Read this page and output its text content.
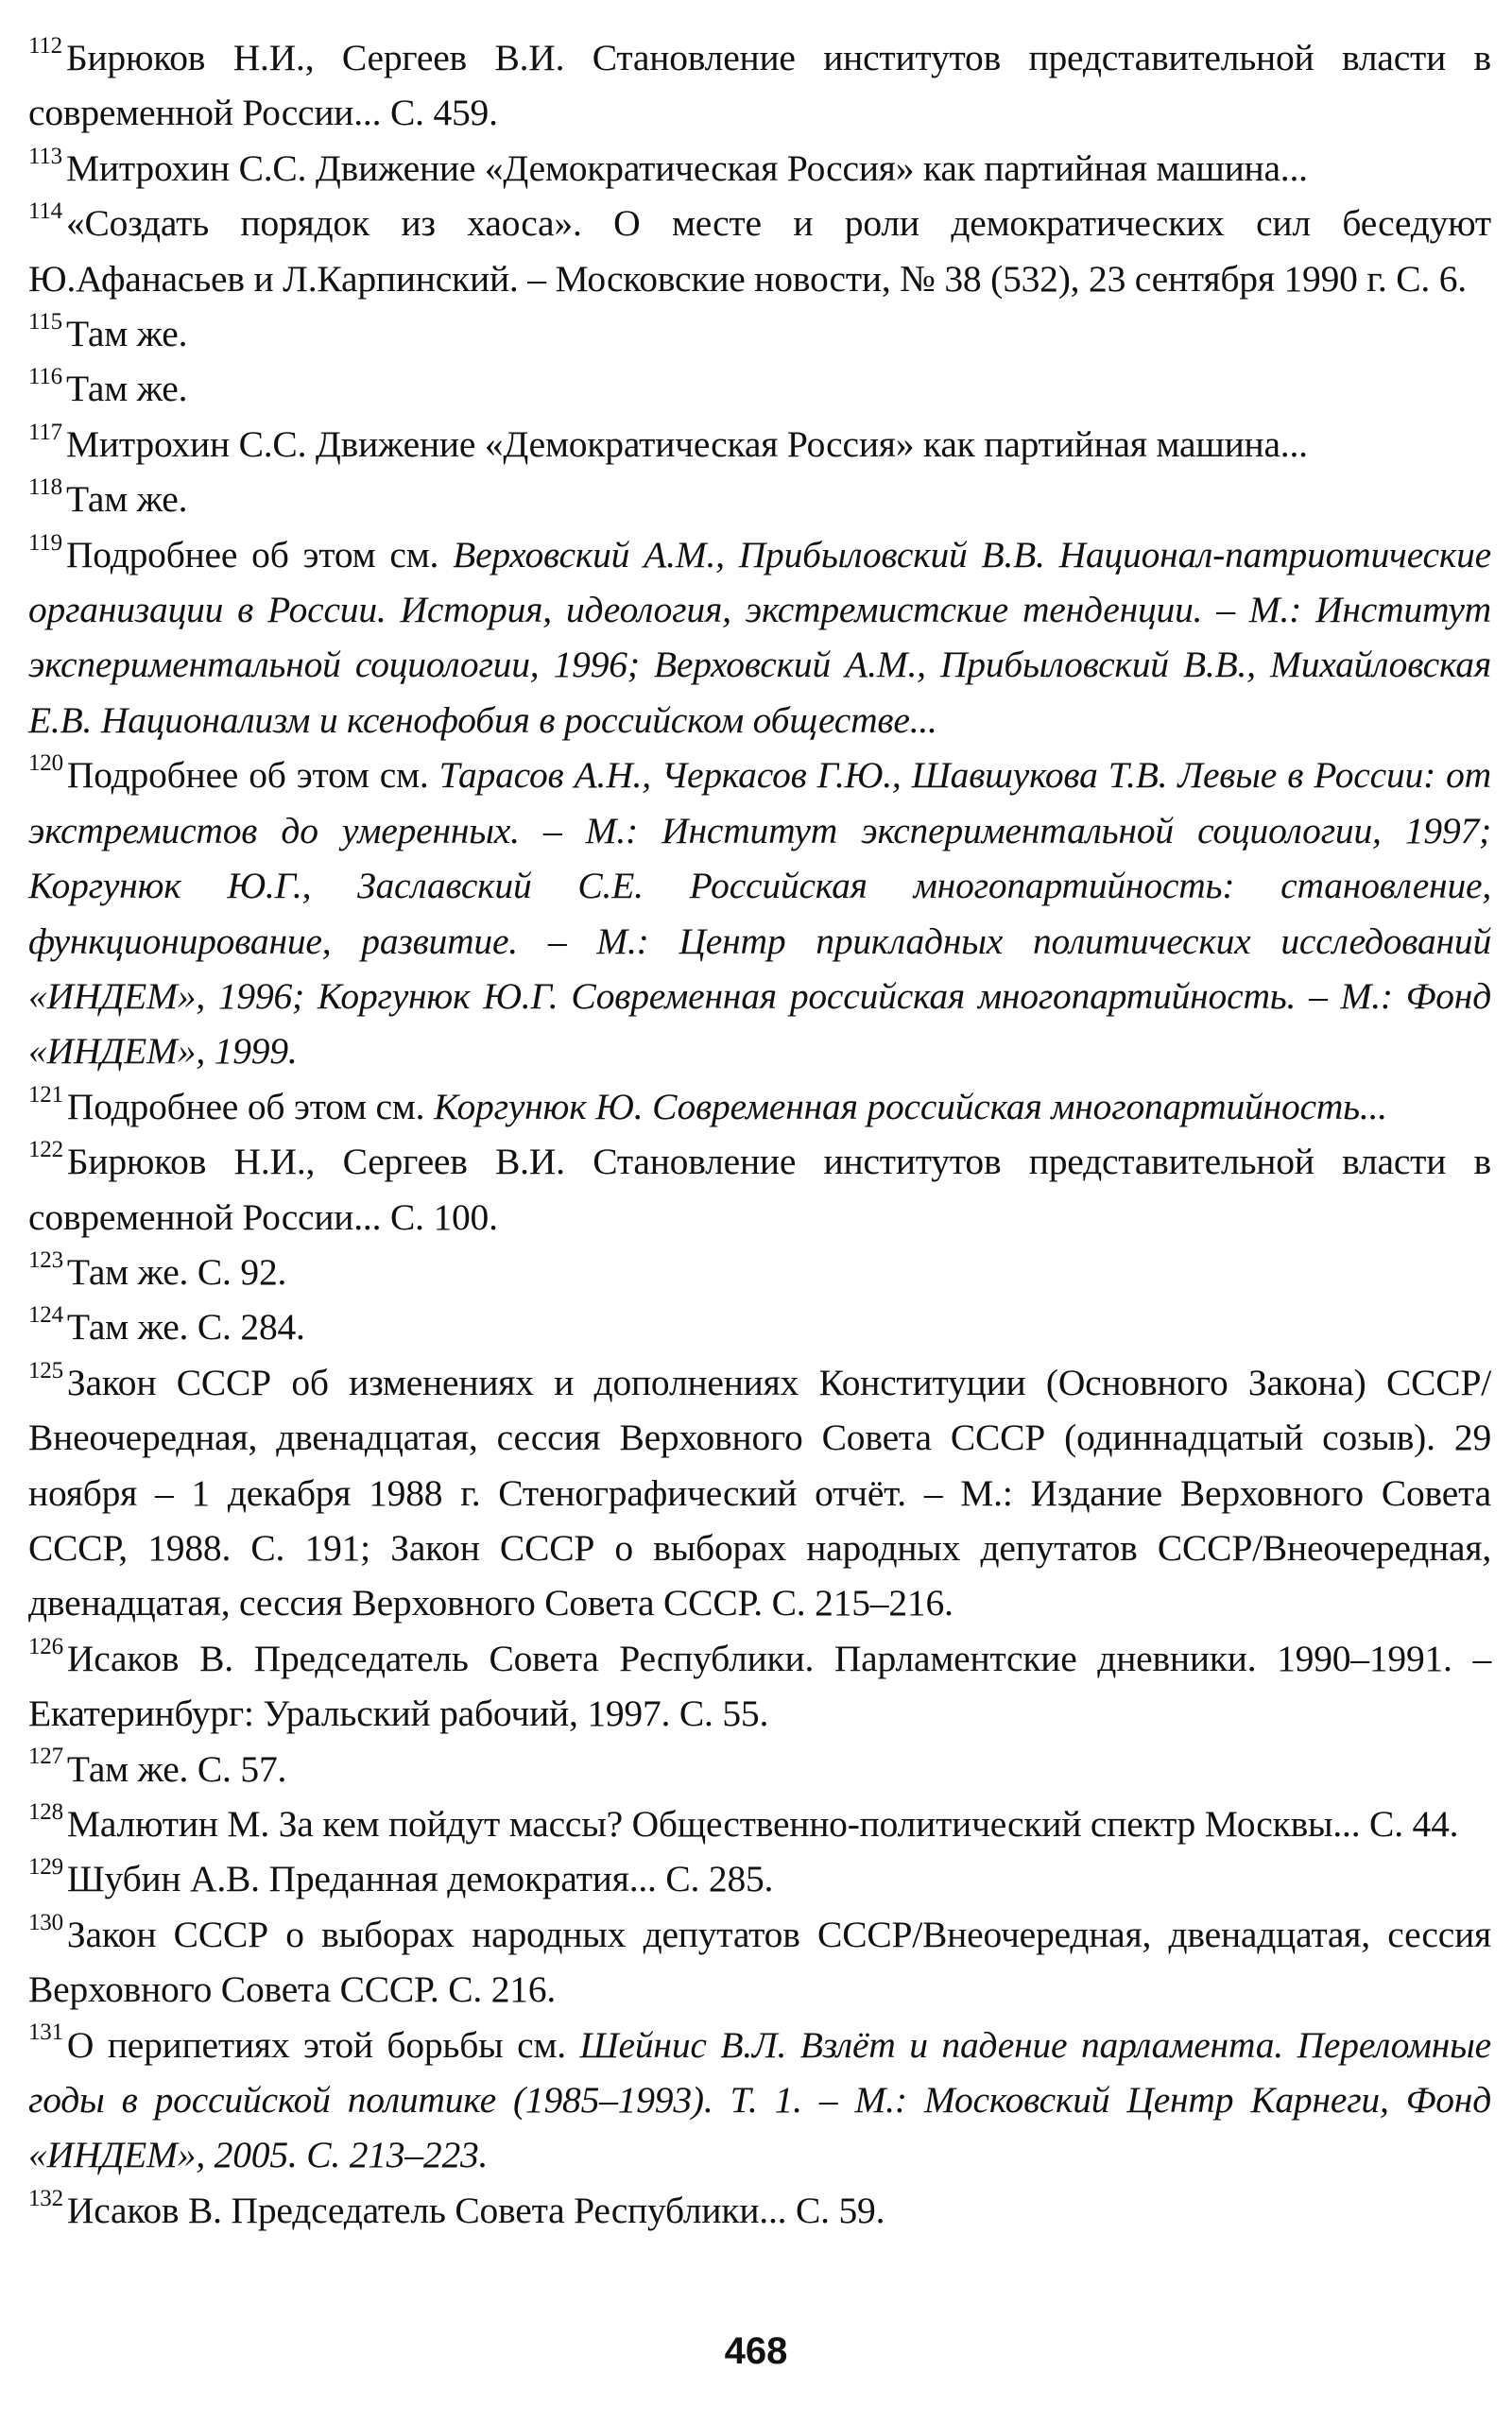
$^{112}$ Бирюков Н.И., Сергеев В.И. Становление институтов представительной власти в современной России... С. 459.

$^{113}$ Митрохин С.С. Движение «Демократическая Россия» как партийная машина...

$^{114}$ «Создать порядок из хаоса». О месте и роли демократических сил беседуют Ю.Афанасьев и Л.Карпинский. – Московские новости, № 38 (532), 23 сентября 1990 г. С. 6.

$^{115}$ Там же.

$^{116}$ Там же.

$^{117}$ Митрохин С.С. Движение «Демократическая Россия» как партийная машина...

$^{118}$ Там же.

$^{119}$ Подробнее об этом см. Верховский А.М., Прибыловский В.В. Национал-патриотические организации в России. История, идеология, экстремистские тенденции. – М.: Институт экспериментальной социологии, 1996; Верховский А.М., Прибыловский В.В., Михайловская Е.В. Национализм и ксенофобия в российском обществе...

$^{120}$ Подробнее об этом см. Тарасов А.Н., Черкасов Г.Ю., Шавшукова Т.В. Левые в России: от экстремистов до умеренных. – М.: Институт экспериментальной социологии, 1997; Коргунюк Ю.Г., Заславский С.Е. Российская многопартийность: становление, функционирование, развитие. – М.: Центр прикладных политических исследований «ИНДЕМ», 1996; Коргунюк Ю.Г. Современная российская многопартийность. – М.: Фонд «ИНДЕМ», 1999.

$^{121}$ Подробнее об этом см. Коргунюк Ю. Современная российская многопартийность...

$^{122}$ Бирюков Н.И., Сергеев В.И. Становление институтов представительной власти в современной России... С. 100.

$^{123}$ Там же. С. 92.

$^{124}$ Там же. С. 284.

$^{125}$ Закон СССР об изменениях и дополнениях Конституции (Основного Закона) СССР/Внеочередная, двенадцатая, сессия Верховного Совета СССР (одиннадцатый созыв). 29 ноября – 1 декабря 1988 г. Стенографический отчёт. – М.: Издание Верховного Совета СССР, 1988. С. 191; Закон СССР о выборах народных депутатов СССР/Внеочередная, двенадцатая, сессия Верховного Совета СССР. С. 215–216.

$^{126}$ Исаков В. Председатель Совета Республики. Парламентские дневники. 1990–1991. – Екатеринбург: Уральский рабочий, 1997. С. 55.

$^{127}$ Там же. С. 57.

$^{128}$ Малютин М. За кем пойдут массы? Общественно-политический спектр Москвы... С. 44.

$^{129}$ Шубин А.В. Преданная демократия... С. 285.

$^{130}$ Закон СССР о выборах народных депутатов СССР/Внеочередная, двенадцатая, сессия Верховного Совета СССР. С. 216.

$^{131}$ О перипетиях этой борьбы см. Шейнис В.Л. Взлёт и падение парламента. Переломные годы в российской политике (1985–1993). Т. 1. – М.: Московский Центр Карнеги, Фонд «ИНДЕМ», 2005. С. 213–223.

$^{132}$ Исаков В. Председатель Совета Республики... С. 59.

468
